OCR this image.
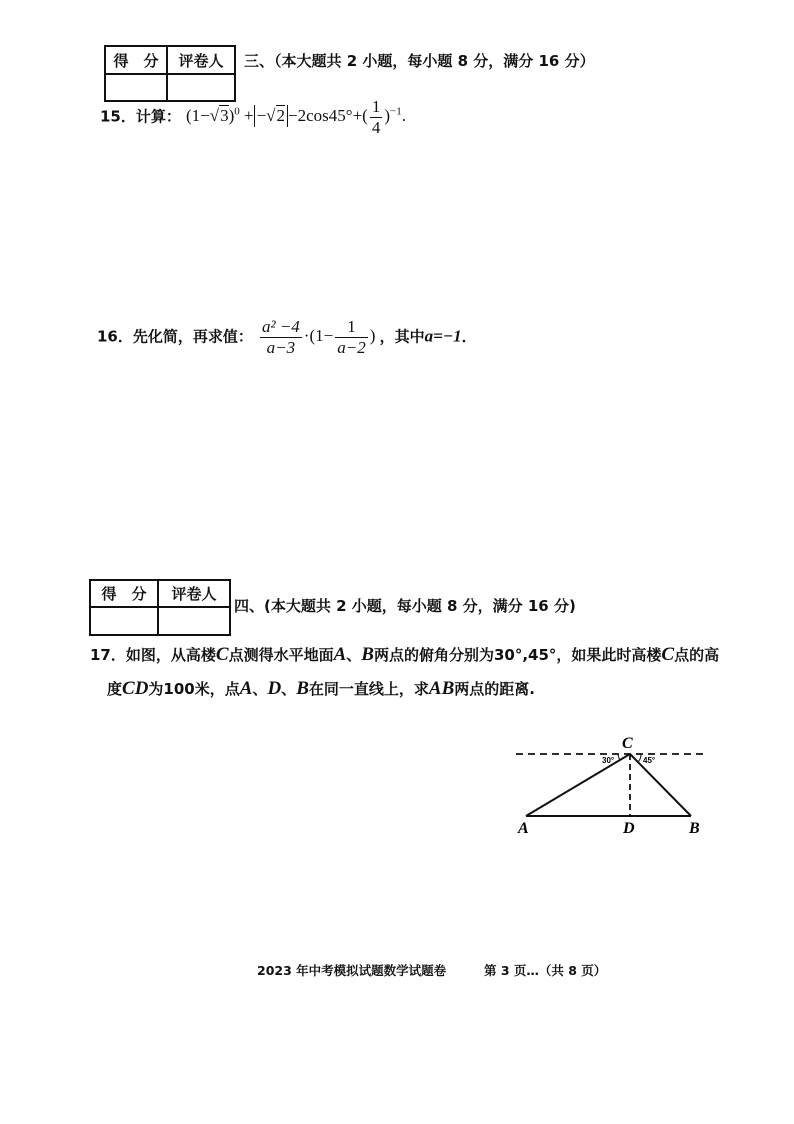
得　分	评卷人
	三、（本大题共 2 小题，每小题 8 分，满分 16 分）
15．计算： $(1-√3)^0 + -√2 -2\cos 45^\circ+( \frac{1}{4} )^{-1}$.
16．先化简，再求值： $\frac{\text{a² −4}}{a-3} \cdot(1- \frac{1}{a-2}$ ) ，其中a=−1．
得　分	评卷人

四、(本大题共 2 小题，每小题 8 分，满分 16 分)
17．如图，从高楼C点测得水平地面A、B两点的俯角分别为30°,45°，如果此时高楼C点的高
度CD为100米，点A、D、B在同一直线上，求AB两点的距离.
30°	45°
C
A	D	B
2023 年中考模拟试题数学试题卷	第 3 页…（共 8 页）
